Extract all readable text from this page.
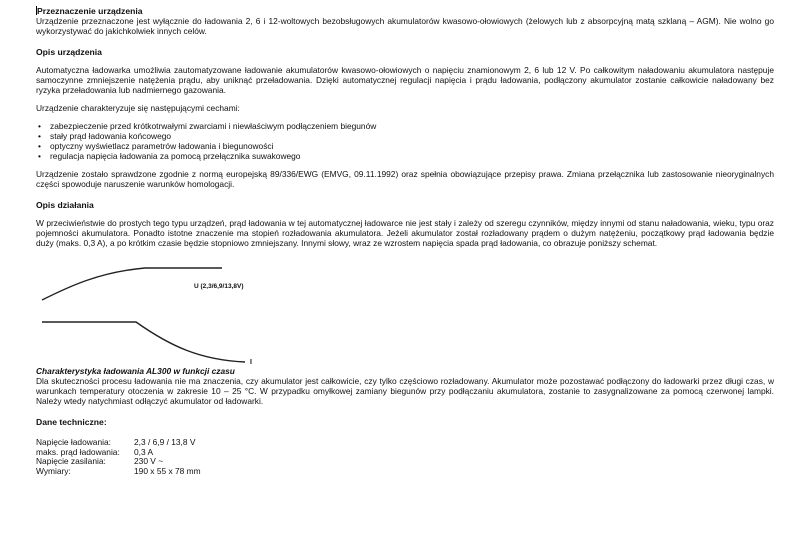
Przeznaczenie urządzenia

Urządzenie przeznaczone jest wyłącznie do ładowania 2, 6 i 12-woltowych bezobsługowych akumulatorów kwasowo-ołowiowych (żelowych lub z absorpcyjną matą szklaną – AGM). Nie wolno go wykorzystywać do jakichkolwiek innych celów.

Opis urządzenia

Automatyczna ładowarka umożliwia zautomatyzowane ładowanie akumulatorów kwasowo-ołowiowych o napięciu znamionowym 2, 6 lub 12 V. Po całkowitym naładowaniu akumulatora następuje samoczynne zmniejszenie natężenia prądu, aby uniknąć przeładowania. Dzięki automatycznej regulacji napięcia i prądu ładowania, podłączony akumulator zostanie całkowicie naładowany bez ryzyka przeładowania lub nadmiernego gazowania.

Urządzenie charakteryzuje się następującymi cechami:

• zabezpieczenie przed krótkotrwałymi zwarciami i niewłaściwym podłączeniem biegunów
• stały prąd ładowania końcowego
• optyczny wyświetlacz parametrów ładowania i biegunowości
• regulacja napięcia ładowania za pomocą przełącznika suwakowego

Urządzenie zostało sprawdzone zgodnie z normą europejską 89/336/EWG (EMVG, 09.11.1992) oraz spełnia obowiązujące przepisy prawa. Zmiana przełącznika lub zastosowanie nieoryginalnych części spowoduje naruszenie warunków homologacji.

Opis działania

W przeciwieństwie do prostych tego typu urządzeń, prąd ładowania w tej automatycznej ładowarce nie jest stały i zależy od szeregu czynników, między innymi od stanu naładowania, wieku, typu oraz pojemności akumulatora. Ponadto istotne znaczenie ma stopień rozładowania akumulatora. Jeżeli akumulator został rozładowany prądem o dużym natężeniu, początkowy prąd ładowania będzie duży (maks. 0,3 A), a po krótkim czasie będzie stopniowo zmniejszany. Innymi słowy, wraz ze wzrostem napięcia spada prąd ładowania, co obrazuje poniższy schemat.

U (2,3/6,9/13,8V)
I

Charakterystyka ładowania AL300 w funkcji czasu

Dla skuteczności procesu ładowania nie ma znaczenia, czy akumulator jest całkowicie, czy tylko częściowo rozładowany. Akumulator może pozostawać podłączony do ładowarki przez długi czas, w warunkach temperatury otoczenia w zakresie 10 – 25 °C. W przypadku omyłkowej zamiany biegunów przy podłączaniu akumulatora, zostanie to zasygnalizowane za pomocą czerwonej lampki. Należy wtedy natychmiast odłączyć akumulator od ładowarki.

Dane techniczne:
Napięcie ładowania:	2,3 / 6,9 / 13,8 V
maks. prąd ładowania:	0,3 A
Napięcie zasilania:	230 V ~
Wymiary:	190 x 55 x 78 mm
